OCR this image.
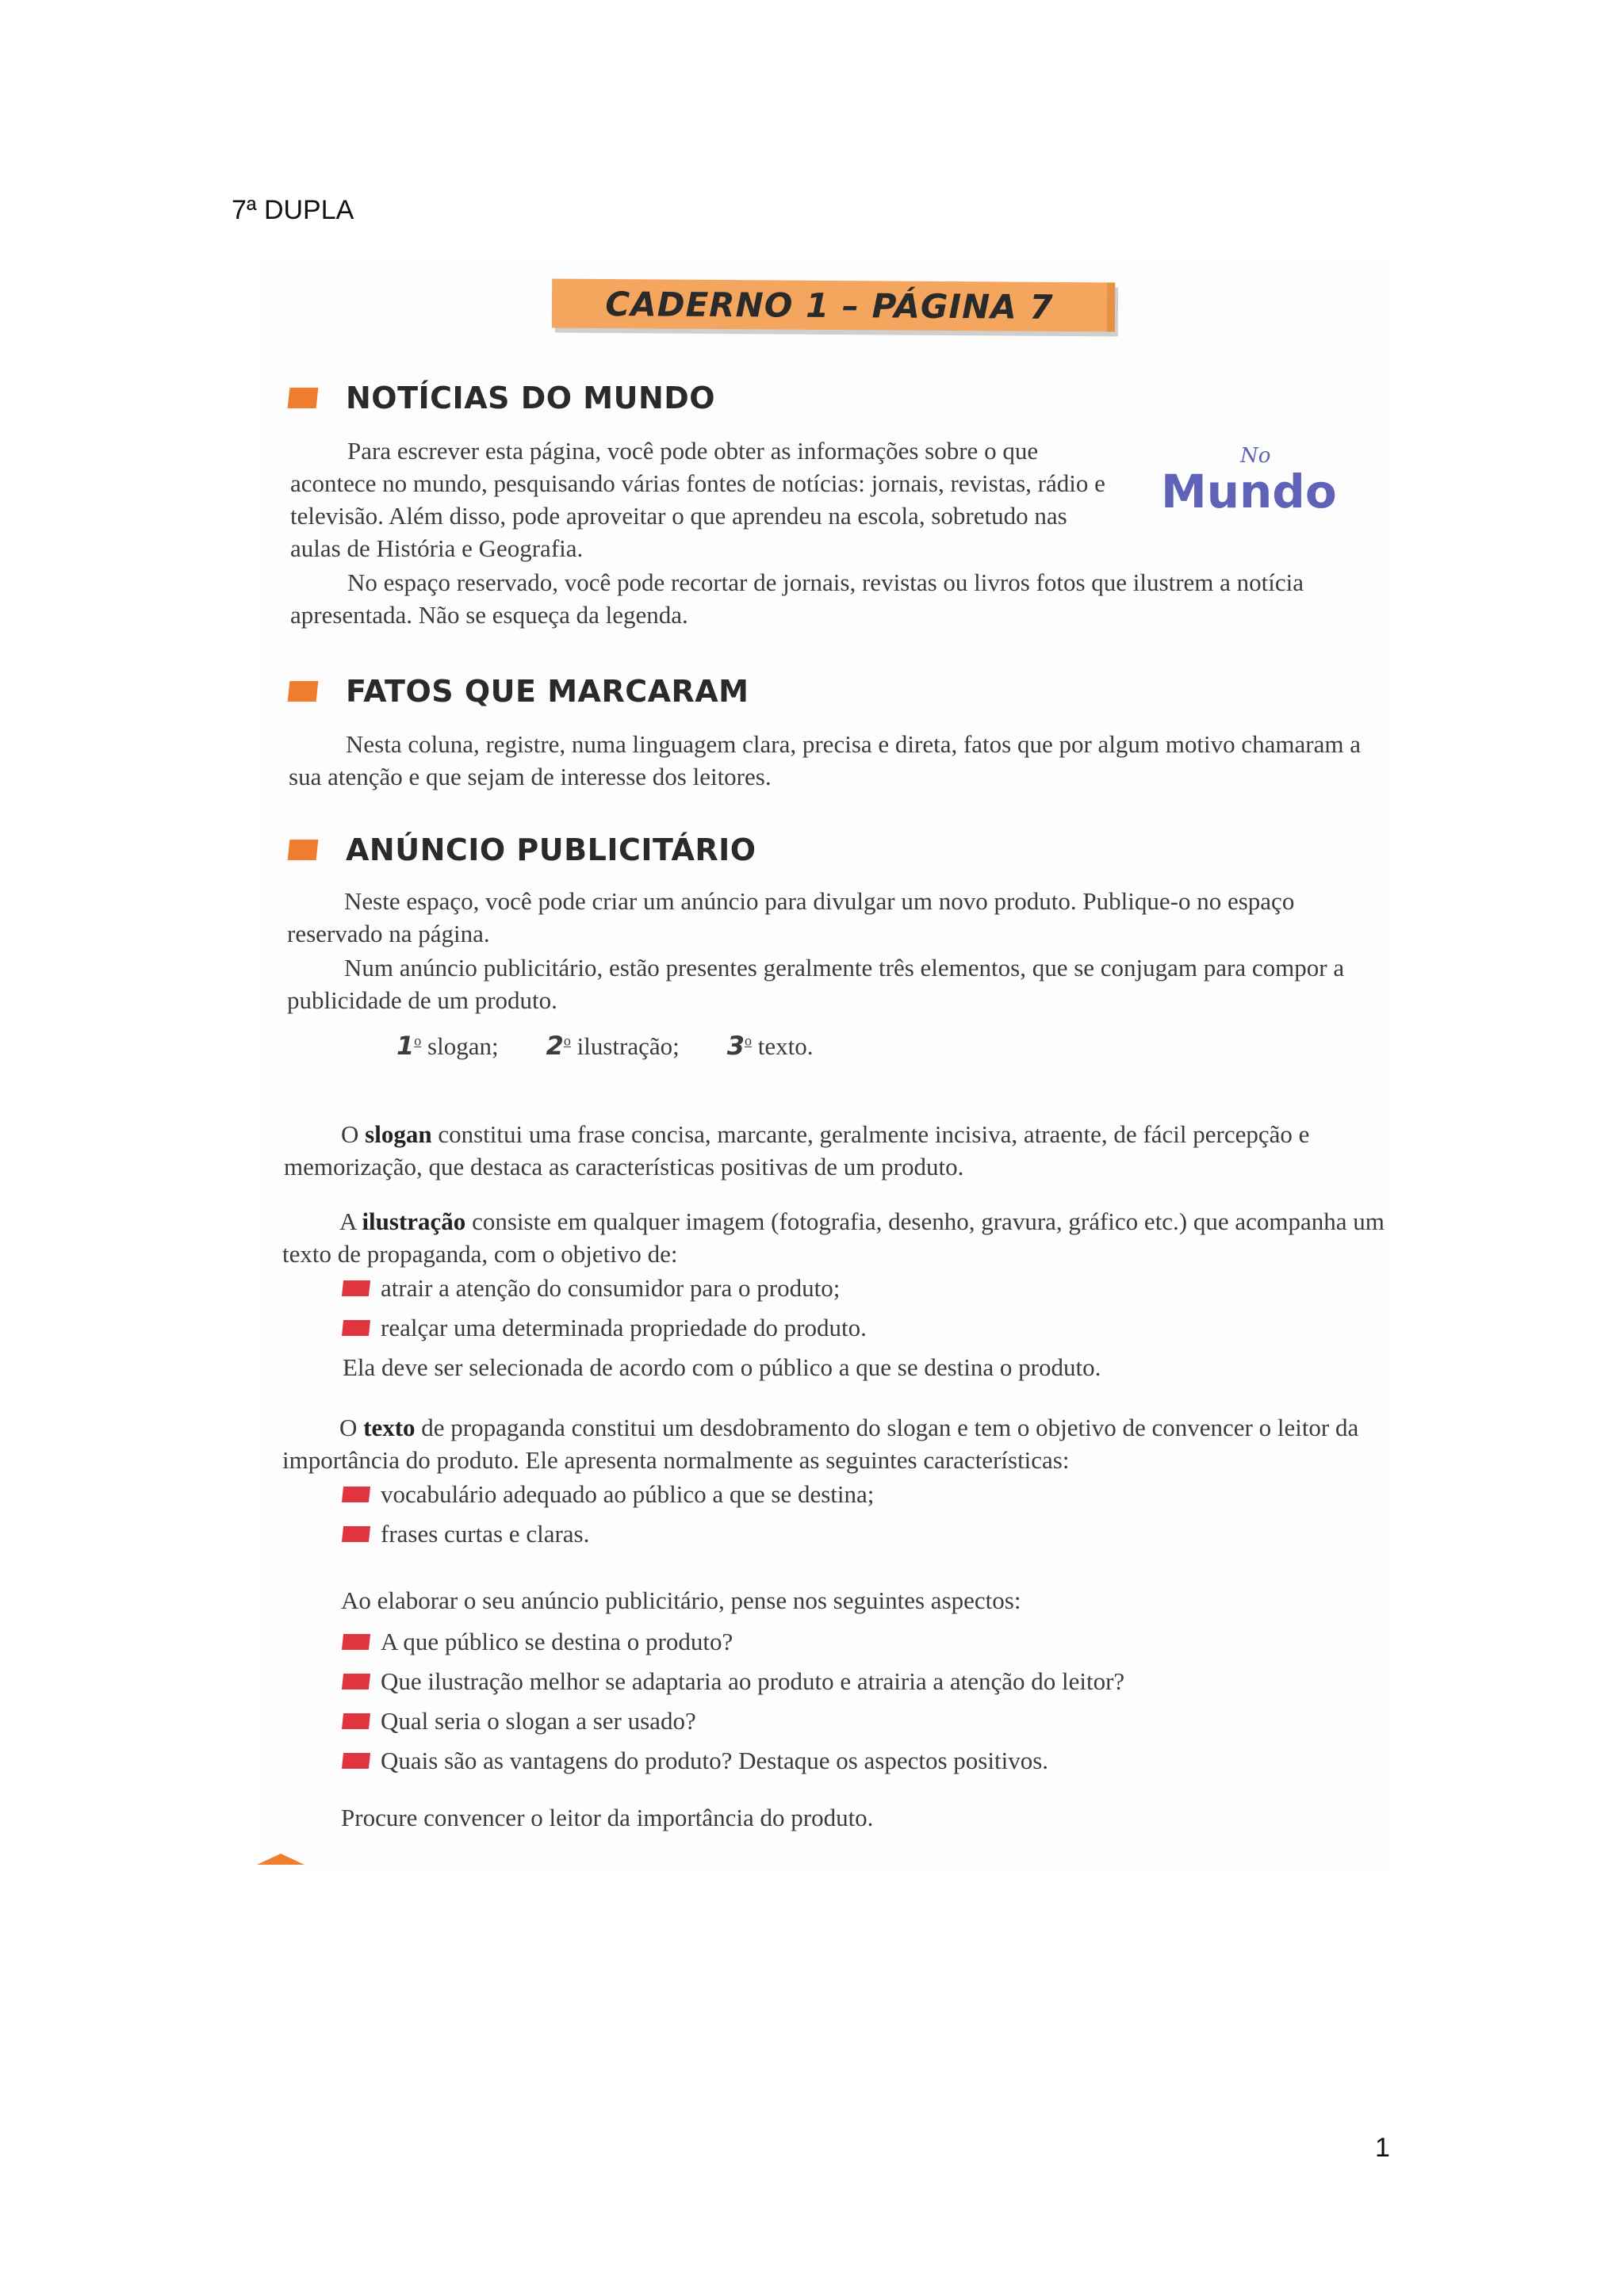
7ª DUPLA
CADERNO 1 – PÁGINA 7
NOTÍCIAS DO MUNDO

Para escrever esta página, você pode obter as informações sobre o que acontece no mundo, pesquisando várias fontes de notícias: jornais, revistas, rádio e televisão. Além disso, pode aproveitar o que aprendeu na escola, sobretudo nas aulas de História e Geografia.

No espaço reservado, você pode recortar de jornais, revistas ou livros fotos que ilustrem a notícia apresentada. Não se esqueça da legenda.

No
Mundo
FATOS QUE MARCARAM

Nesta coluna, registre, numa linguagem clara, precisa e direta, fatos que por algum motivo chamaram a sua atenção e que sejam de interesse dos leitores.

ANÚNCIO PUBLICITÁRIO

Neste espaço, você pode criar um anúncio para divulgar um novo produto. Publique-o no espaço reservado na página.

Num anúncio publicitário, estão presentes geralmente três elementos, que se conjugam para compor a publicidade de um produto.

1$^o$ slogan; 2$^o$ ilustração; 3$^o$ texto.

O slogan constitui uma frase concisa, marcante, geralmente incisiva, atraente, de fácil percepção e memorização, que destaca as características positivas de um produto.

A ilustração consiste em qualquer imagem (fotografia, desenho, gravura, gráfico etc.) que acompanha um texto de propaganda, com o objetivo de:

atrair a atenção do consumidor para o produto;
realçar uma determinada propriedade do produto.

Ela deve ser selecionada de acordo com o público a que se destina o produto.

O texto de propaganda constitui um desdobramento do slogan e tem o objetivo de convencer o leitor da importância do produto. Ele apresenta normalmente as seguintes características:

vocabulário adequado ao público a que se destina;
frases curtas e claras.

Ao elaborar o seu anúncio publicitário, pense nos seguintes aspectos:

A que público se destina o produto?
Que ilustração melhor se adaptaria ao produto e atrairia a atenção do leitor?
Qual seria o slogan a ser usado?
Quais são as vantagens do produto? Destaque os aspectos positivos.

Procure convencer o leitor da importância do produto.

1
